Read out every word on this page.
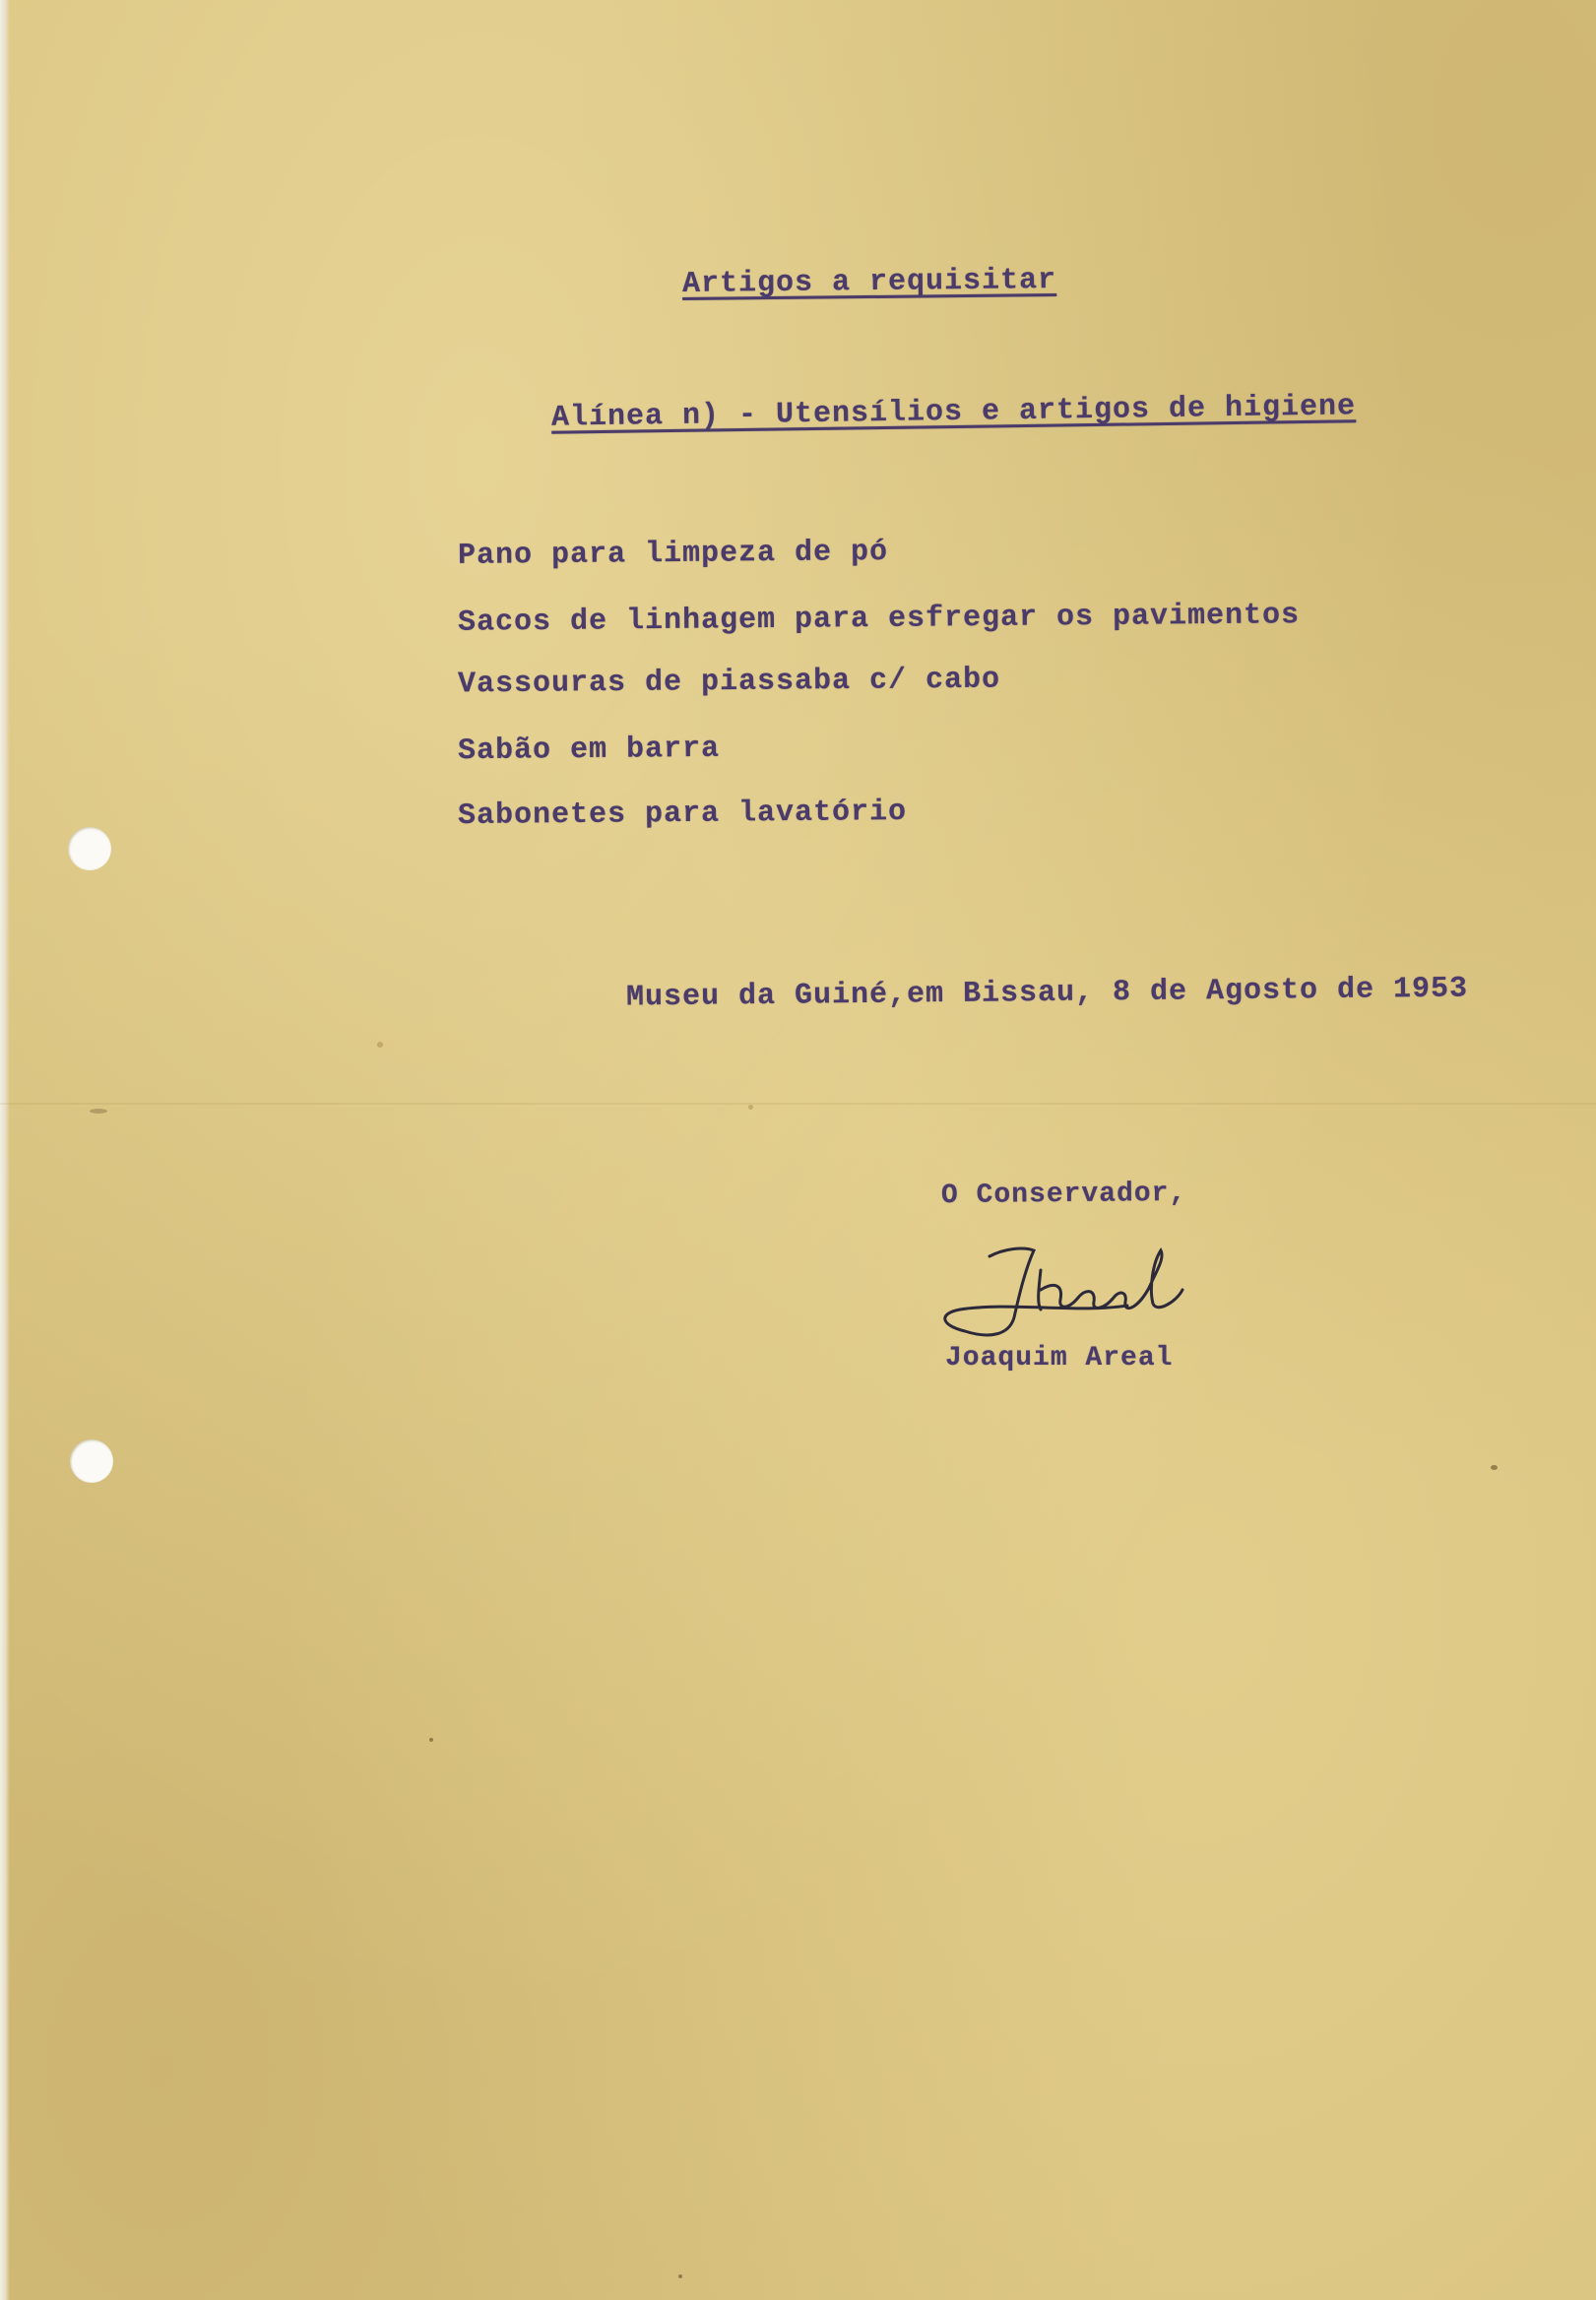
Artigos a requisitar
Alínea n) - Utensílios e artigos de higiene
Pano para limpeza de pó
Sacos de linhagem para esfregar os pavimentos
Vassouras de piassaba c/ cabo
Sabão em barra
Sabonetes para lavatório
Museu da Guiné,em Bissau, 8 de Agosto de 1953
O Conservador,
Joaquim Areal
